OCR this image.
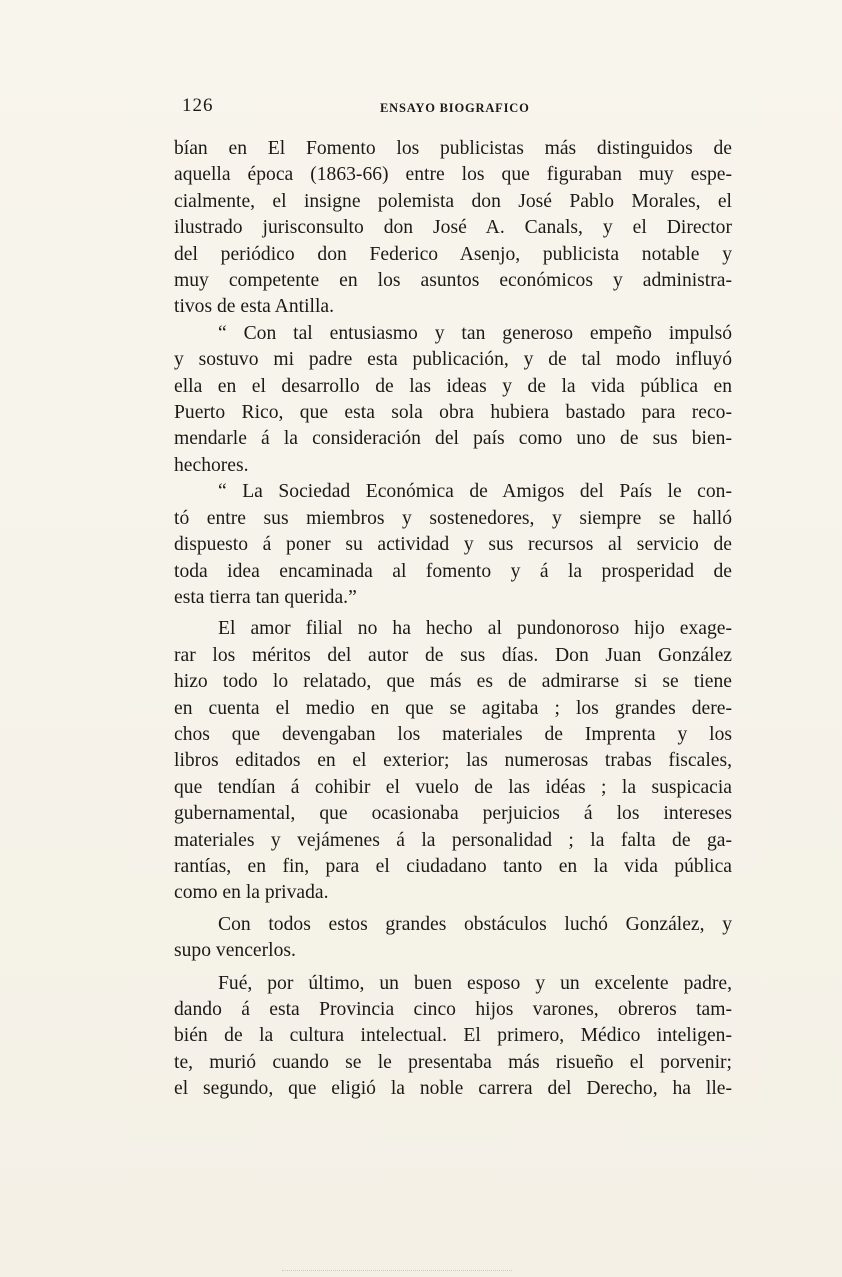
126	ENSAYO BIOGRAFICO

bían en El Fomento los publicistas más distinguidos de
aquella época (1863-66) entre los que figuraban muy espe-
cialmente, el insigne polemista don José Pablo Morales, el
ilustrado jurisconsulto don José A. Canals, y el Director
del periódico don Federico Asenjo, publicista notable y
muy competente en los asuntos económicos y administra-
tivos de esta Antilla.

“ Con tal entusiasmo y tan generoso empeño impulsó
y sostuvo mi padre esta publicación, y de tal modo influyó
ella en el desarrollo de las ideas y de la vida pública en
Puerto Rico, que esta sola obra hubiera bastado para reco-
mendarle á la consideración del país como uno de sus bien-
hechores.

“ La Sociedad Económica de Amigos del País le con-
tó entre sus miembros y sostenedores, y siempre se halló
dispuesto á poner su actividad y sus recursos al servicio de
toda idea encaminada al fomento y á la prosperidad de
esta tierra tan querida.”

El amor filial no ha hecho al pundonoroso hijo exage-
rar los méritos del autor de sus días. Don Juan González
hizo todo lo relatado, que más es de admirarse si se tiene
en cuenta el medio en que se agitaba ; los grandes dere-
chos que devengaban los materiales de Imprenta y los
libros editados en el exterior; las numerosas trabas fiscales,
que tendían á cohibir el vuelo de las idéas ; la suspicacia
gubernamental, que ocasionaba perjuicios á los intereses
materiales y vejámenes á la personalidad ; la falta de ga-
rantías, en fin, para el ciudadano tanto en la vida pública
como en la privada.

Con todos estos grandes obstáculos luchó González, y
supo vencerlos.

Fué, por último, un buen esposo y un excelente padre,
dando á esta Provincia cinco hijos varones, obreros tam-
bién de la cultura intelectual. El primero, Médico inteligen-
te, murió cuando se le presentaba más risueño el porvenir;
el segundo, que eligió la noble carrera del Derecho, ha lle-
